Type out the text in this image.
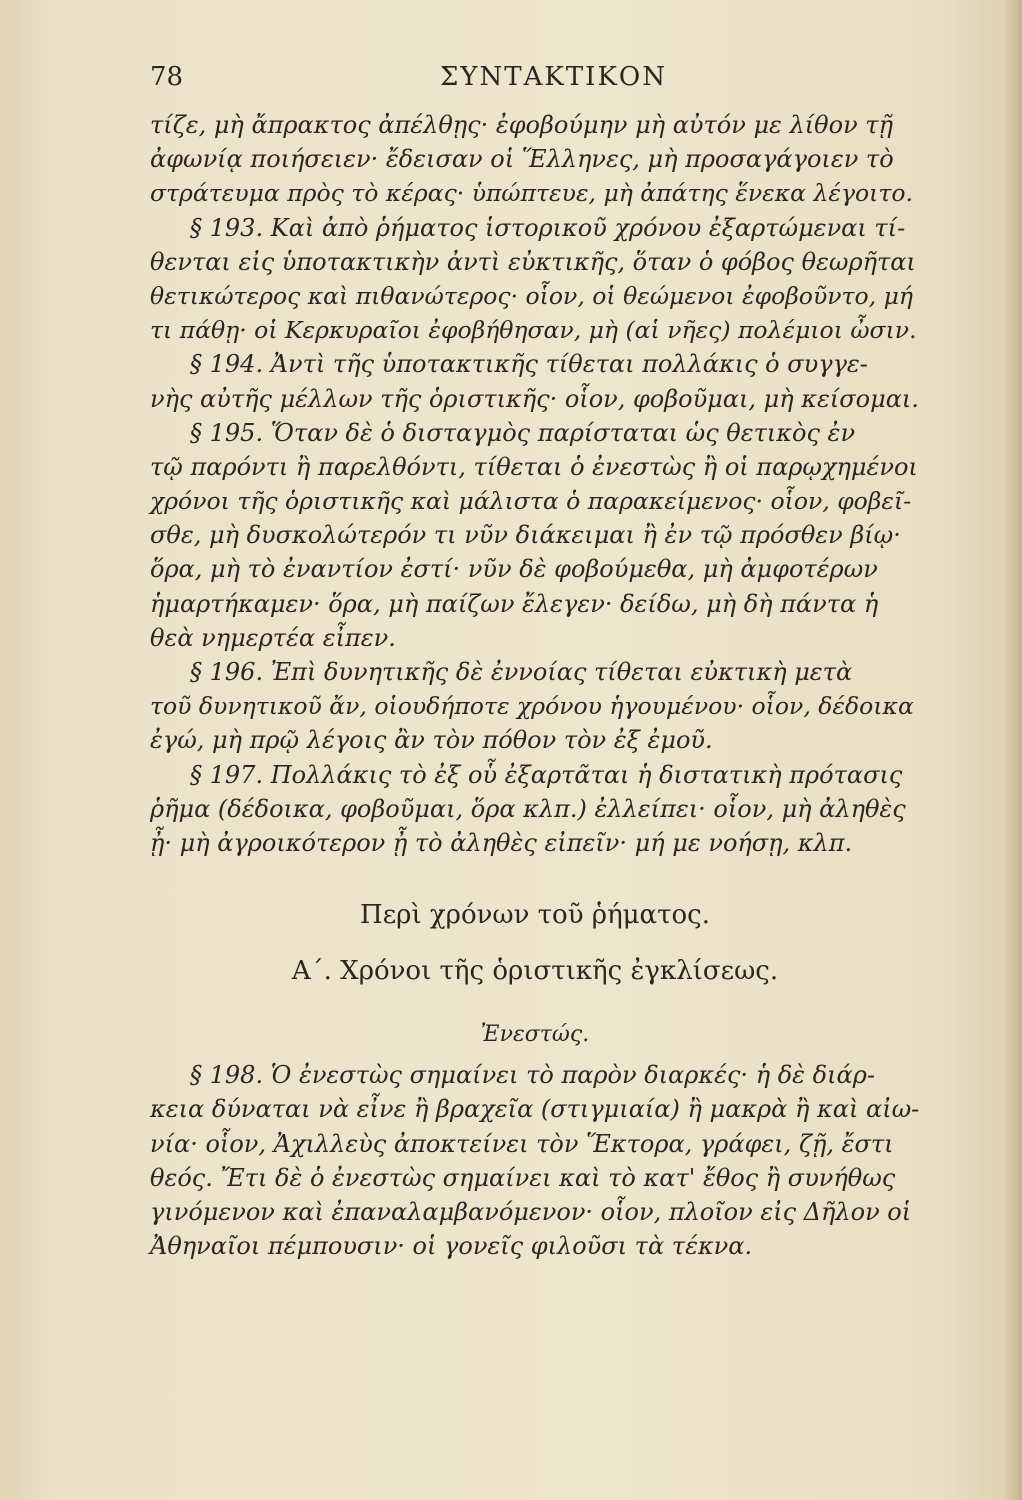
78	ΣΥΝΤΑΚΤΙΚΟΝ
τίζε, μὴ ἄπρακτος ἀπέλθῃς· ἐφοβούμην μὴ αὐτόν με λίθον τῇ
ἀφωνίᾳ ποιήσειεν· ἔδεισαν οἱ Ἕλληνες, μὴ προσαγάγοιεν τὸ
στράτευμα πρὸς τὸ κέρας· ὑπώπτευε, μὴ ἀπάτης ἕνεκα λέγοιτο.
§ 193. Καὶ ἀπὸ ῥήματος ἱστορικοῦ χρόνου ἐξαρτώμεναι τί-
θενται εἰς ὑποτακτικὴν ἀντὶ εὐκτικῆς, ὅταν ὁ φόβος θεωρῆται
θετικώτερος καὶ πιθανώτερος· οἷον, οἱ θεώμενοι ἐφοβοῦντο, μή
τι πάθῃ· οἱ Κερκυραῖοι ἐφοβήθησαν, μὴ (αἱ νῆες) πολέμιοι ὦσιν.
§ 194. Ἀντὶ τῆς ὑποτακτικῆς τίθεται πολλάκις ὁ συγγε-
νὴς αὐτῆς μέλλων τῆς ὁριστικῆς· οἷον, φοβοῦμαι, μὴ κείσομαι.
§ 195. Ὅταν δὲ ὁ δισταγμὸς παρίσταται ὡς θετικὸς ἐν
τῷ παρόντι ἢ παρελθόντι, τίθεται ὁ ἐνεστὼς ἢ οἱ παρῳχημένοι
χρόνοι τῆς ὁριστικῆς καὶ μάλιστα ὁ παρακείμενος· οἷον, φοβεῖ-
σθε, μὴ δυσκολώτερόν τι νῦν διάκειμαι ἢ ἐν τῷ πρόσθεν βίῳ·
ὅρα, μὴ τὸ ἐναντίον ἐστί· νῦν δὲ φοβούμεθα, μὴ ἀμφοτέρων
ἡμαρτήκαμεν· ὅρα, μὴ παίζων ἔλεγεν· δείδω, μὴ δὴ πάντα ἡ
θεὰ νημερτέα εἶπεν.
§ 196. Ἐπὶ δυνητικῆς δὲ ἐννοίας τίθεται εὐκτικὴ μετὰ
τοῦ δυνητικοῦ ἄν, οἱουδήποτε χρόνου ἡγουμένου· οἷον, δέδοικα
ἐγώ, μὴ πρῷ λέγοις ἂν τὸν πόθον τὸν ἐξ ἐμοῦ.
§ 197. Πολλάκις τὸ ἐξ οὗ ἐξαρτᾶται ἡ διστατικὴ πρότασις
ῥῆμα (δέδοικα, φοβοῦμαι, ὅρα κλπ.) ἐλλείπει· οἷον, μὴ ἀληθὲς
ᾖ· μὴ ἀγροικότερον ᾖ τὸ ἀληθὲς εἰπεῖν· μή με νοήσῃ, κλπ.
Περὶ χρόνων τοῦ ῥήματος.
Α΄. Χρόνοι τῆς ὁριστικῆς ἐγκλίσεως.
Ἐνεστώς.
§ 198. Ὁ ἐνεστὼς σημαίνει τὸ παρὸν διαρκές· ἡ δὲ διάρ-
κεια δύναται νὰ εἶνε ἢ βραχεῖα (στιγμιαία) ἢ μακρὰ ἢ καὶ αἰω-
νία· οἷον, Ἀχιλλεὺς ἀποκτείνει τὸν Ἕκτορα, γράφει, ζῇ, ἔστι
θεός. Ἔτι δὲ ὁ ἐνεστὼς σημαίνει καὶ τὸ κατ' ἔθος ἢ συνήθως
γινόμενον καὶ ἐπαναλαμβανόμενον· οἷον, πλοῖον εἰς Δῆλον οἱ
Ἀθηναῖοι πέμπουσιν· οἱ γονεῖς φιλοῦσι τὰ τέκνα.
